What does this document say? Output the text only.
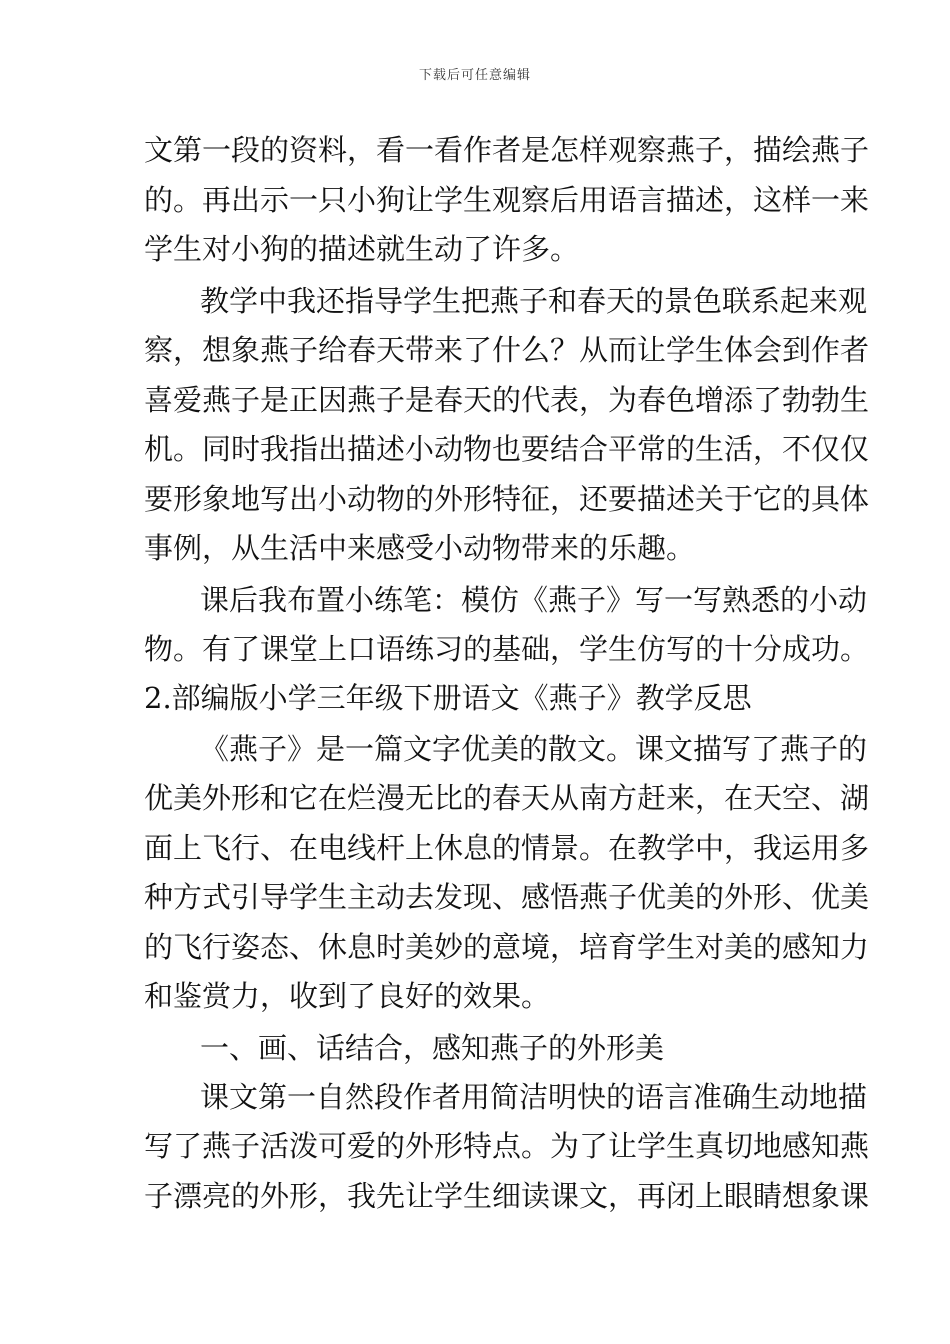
下载后可任意编辑
文第一段的资料，看一看作者是怎样观察燕子，描绘燕子
的。再出示一只小狗让学生观察后用语言描述，这样一来
学生对小狗的描述就生动了许多。
教学中我还指导学生把燕子和春天的景色联系起来观
察，想象燕子给春天带来了什么？从而让学生体会到作者
喜爱燕子是正因燕子是春天的代表，为春色增添了勃勃生
机。同时我指出描述小动物也要结合平常的生活，不仅仅
要形象地写出小动物的外形特征，还要描述关于它的具体
事例，从生活中来感受小动物带来的乐趣。
课后我布置小练笔：模仿《燕子》写一写熟悉的小动
物。有了课堂上口语练习的基础，学生仿写的十分成功。
2.部编版小学三年级下册语文《燕子》教学反思
《燕子》是一篇文字优美的散文。课文描写了燕子的
优美外形和它在烂漫无比的春天从南方赶来，在天空、湖
面上飞行、在电线杆上休息的情景。在教学中，我运用多
种方式引导学生主动去发现、感悟燕子优美的外形、优美
的飞行姿态、休息时美妙的意境，培育学生对美的感知力
和鉴赏力，收到了良好的效果。
一、画、话结合，感知燕子的外形美
课文第一自然段作者用简洁明快的语言准确生动地描
写了燕子活泼可爱的外形特点。为了让学生真切地感知燕
子漂亮的外形，我先让学生细读课文，再闭上眼睛想象课
